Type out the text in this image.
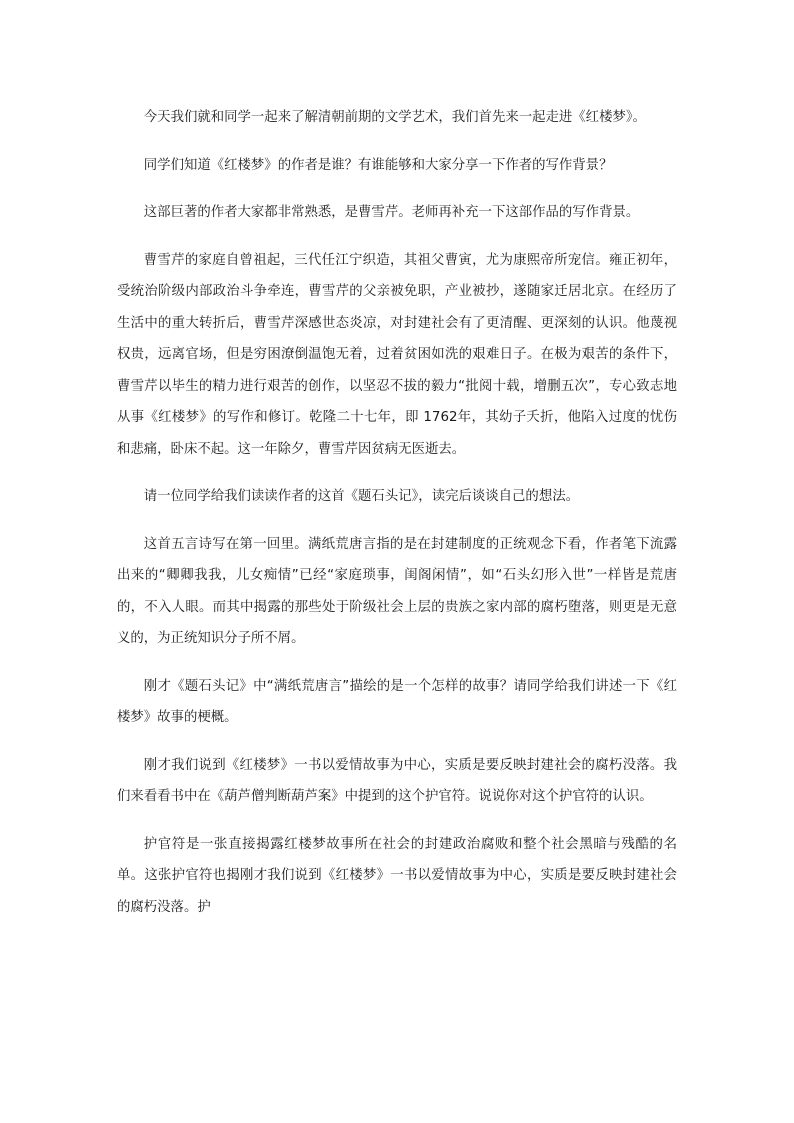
今天我们就和同学一起来了解清朝前期的文学艺术，我们首先来一起走进《红楼梦》。

同学们知道《红楼梦》的作者是谁？有谁能够和大家分享一下作者的写作背景？

这部巨著的作者大家都非常熟悉，是曹雪芹。老师再补充一下这部作品的写作背景。

曹雪芹的家庭自曾祖起，三代任江宁织造，其祖父曹寅，尤为康熙帝所宠信。雍正初年，受统治阶级内部政治斗争牵连，曹雪芹的父亲被免职，产业被抄，遂随家迁居北京。在经历了生活中的重大转折后，曹雪芹深感世态炎凉，对封建社会有了更清醒、更深刻的认识。他蔑视权贵，远离官场，但是穷困潦倒温饱无着，过着贫困如洗的艰难日子。在极为艰苦的条件下，曹雪芹以毕生的精力进行艰苦的创作，以坚忍不拔的毅力“批阅十载，增删五次”，专心致志地从事《红楼梦》的写作和修订。乾隆二十七年，即 1762年，其幼子夭折，他陷入过度的忧伤和悲痛，卧床不起。这一年除夕，曹雪芹因贫病无医逝去。

请一位同学给我们读读作者的这首《题石头记》，读完后谈谈自己的想法。

这首五言诗写在第一回里。满纸荒唐言指的是在封建制度的正统观念下看，作者笔下流露出来的“卿卿我我，儿女痴情”已经“家庭琐事，闺阁闲情”，如“石头幻形入世”一样皆是荒唐的，不入人眼。而其中揭露的那些处于阶级社会上层的贵族之家内部的腐朽堕落，则更是无意义的，为正统知识分子所不屑。

刚才《题石头记》中“满纸荒唐言”描绘的是一个怎样的故事？请同学给我们讲述一下《红楼梦》故事的梗概。

刚才我们说到《红楼梦》一书以爱情故事为中心，实质是要反映封建社会的腐朽没落。我们来看看书中在《葫芦僧判断葫芦案》中提到的这个护官符。说说你对这个护官符的认识。

护官符是一张直接揭露红楼梦故事所在社会的封建政治腐败和整个社会黑暗与残酷的名单。这张护官符也揭刚才我们说到《红楼梦》一书以爱情故事为中心，实质是要反映封建社会的腐朽没落。护
